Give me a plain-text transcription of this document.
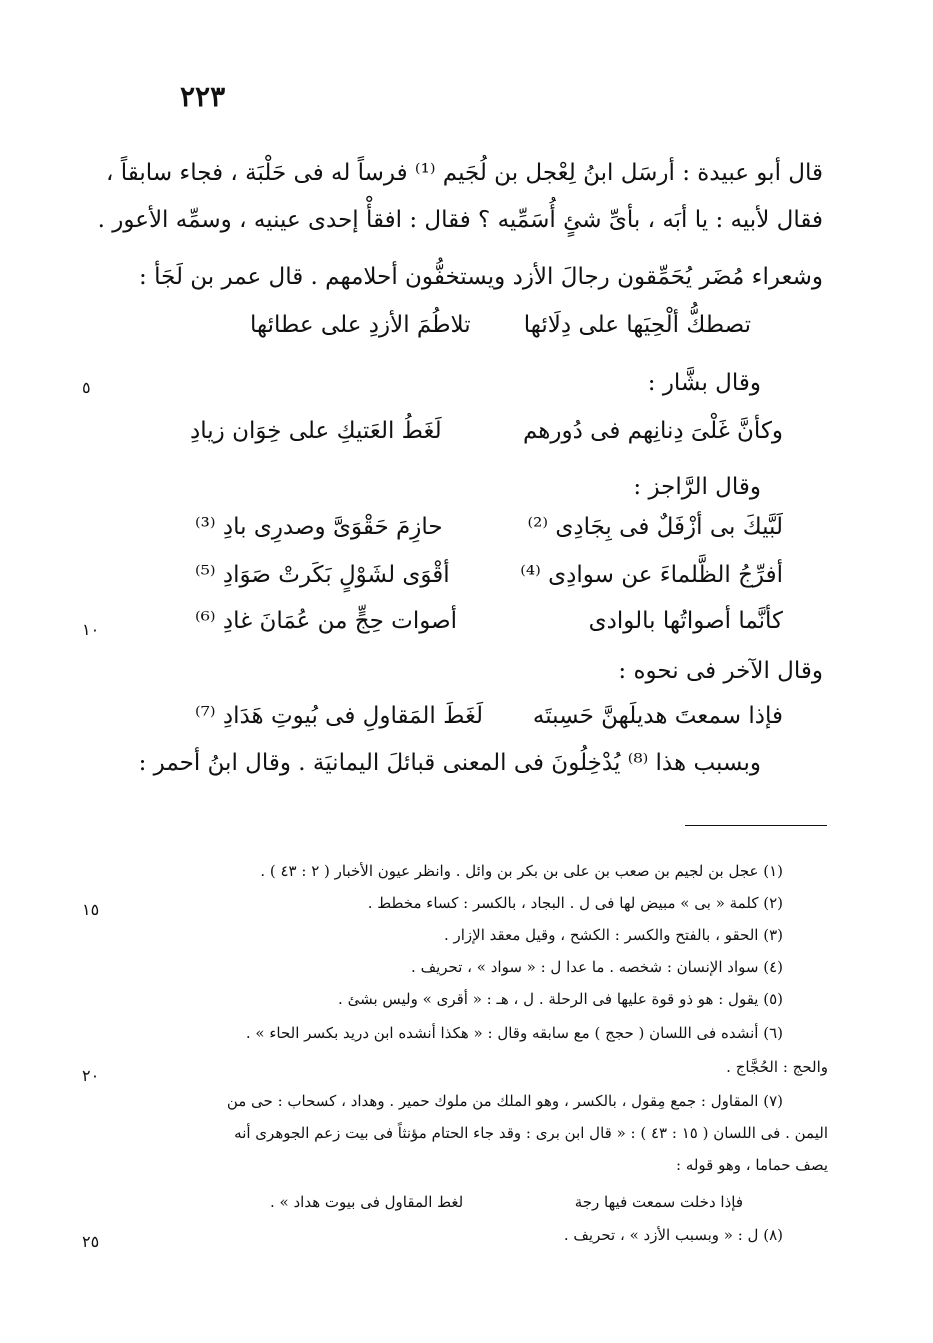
٢٢٣
قال أبو عبيدة : أرسَل ابنُ لِعْجل بن لُجَيم ⁽¹⁾ فرساً له فى حَلْبَة ، فجاء سابقاً ،
فقال لأبيه : يا أبَه ، بأىِّ شئٍ أُسَمِّيه ؟ فقال : افقأْ إحدى عينيه ، وسمِّه الأعور .
وشعراء مُضَر يُحَمِّقون رجالَ الأزد ويستخفُّون أحلامهم . قال عمر بن لَجَأ :
تصطكُّ ألْحِيَها على دِلَائها
تلاطُمَ الأزدِ على عطائها
وقال بشَّار :
٥
وكأنَّ غَلْىَ دِنانِهم فى دُورهم
لَغَطُ العَتيكِ على خِوَان زيادِ
وقال الرَّاجز :
لَبَّيكَ بى أزْفَلٌ فى بِجَادِى ⁽²⁾
حازِمَ حَقْوَىَّ وصدرِى بادِ ⁽³⁾
أفرِّجُ الظَّلماءَ عن سوادِى ⁽⁴⁾
أقْوَى لشَوْلٍ بَكَرتْ صَوَادِ ⁽⁵⁾
كأنَّما أصواتُها بالوادى
أصوات حِجٍّ من عُمَانَ غادِ ⁽⁶⁾
١٠
وقال الآخر فى نحوه :
فإذا سمعتَ هديلَهنَّ حَسِبتَه
لَغَطَ المَقاولِ فى بُيوتِ هَدَادِ ⁽⁷⁾
وبسبب هذا ⁽⁸⁾ يُدْخِلُونَ فى المعنى قبائلَ اليمانيَة . وقال ابنُ أحمر :
(١) عجل بن لجيم بن صعب بن على بن بكر بن وائل . وانظر عيون الأخبار ( ٢ : ٤٣ ) .
(٢) كلمة « بى » مبيض لها فى ل . البجاد ، بالكسر : كساء مخطط .
١٥
(٣) الحقو ، بالفتح والكسر : الكشح ، وقيل معقد الإزار .
(٤) سواد الإنسان : شخصه . ما عدا ل : « سواد » ، تحريف .
(٥) يقول : هو ذو قوة عليها فى الرحلة . ل ، هـ : « أقرى » وليس بشئ .
(٦) أنشده فى اللسان ( حجج ) مع سابقه وقال : « هكذا أنشده ابن دريد بكسر الحاء » .
والحج : الحُجَّاج .
٢٠
(٧) المقاول : جمع مِقول ، بالكسر ، وهو الملك من ملوك حمير . وهداد ، كسحاب : حى من
اليمن . فى اللسان ( ١٥ : ٤٣ ) : « قال ابن برى : وقد جاء الحتام مؤنثاً فى بيت زعم الجوهرى أنه
يصف حماما ، وهو قوله :
فإذا دخلت سمعت فيها رجة
لغط المقاول فى بيوت هداد » .
(٨) ل : « وبسبب الأزد » ، تحريف .
٢٥
